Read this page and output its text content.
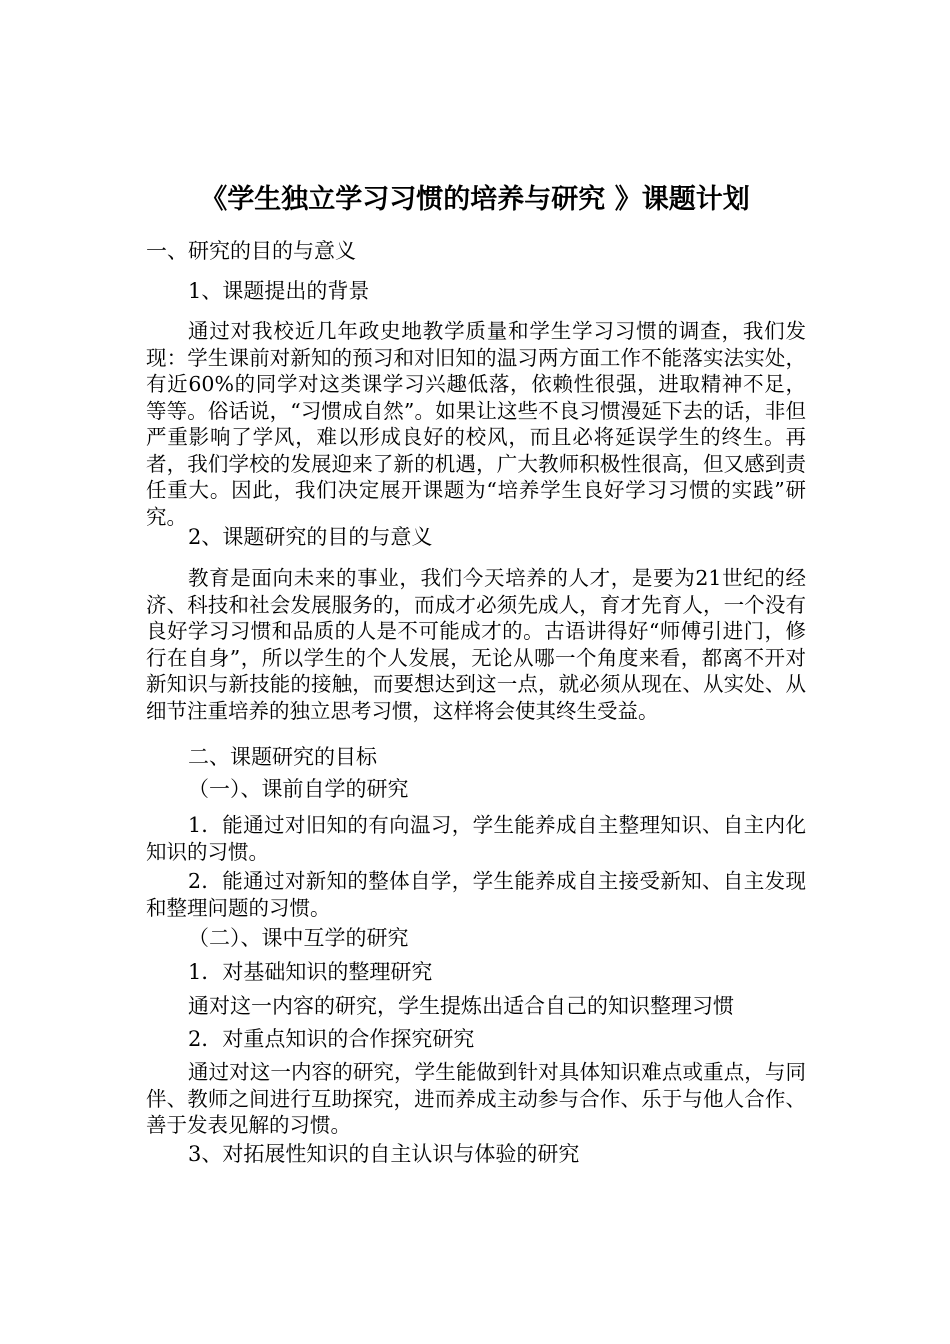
《学生独立学习习惯的培养与研究 》课题计划
一、研究的目的与意义
1、课题提出的背景
通过对我校近几年政史地教学质量和学生学习习惯的调查，我们发现：学生课前对新知的预习和对旧知的温习两方面工作不能落实法实处，有近60%的同学对这类课学习兴趣低落，依赖性很强，进取精神不足，等等。俗话说，“习惯成自然”。如果让这些不良习惯漫延下去的话，非但严重影响了学风，难以形成良好的校风，而且必将延误学生的终生。再者，我们学校的发展迎来了新的机遇，广大教师积极性很高，但又感到责任重大。因此，我们决定展开课题为“培养学生良好学习习惯的实践”研究。
2、课题研究的目的与意义
教育是面向未来的事业，我们今天培养的人才，是要为21世纪的经济、科技和社会发展服务的，而成才必须先成人，育才先育人，一个没有良好学习习惯和品质的人是不可能成才的。古语讲得好“师傅引进门，修行在自身”，所以学生的个人发展，无论从哪一个角度来看，都离不开对新知识与新技能的接触，而要想达到这一点，就必须从现在、从实处、从细节注重培养的独立思考习惯，这样将会使其终生受益。
二、课题研究的目标
（一）、课前自学的研究
1．能通过对旧知的有向温习，学生能养成自主整理知识、自主内化知识的习惯。
2．能通过对新知的整体自学，学生能养成自主接受新知、自主发现和整理问题的习惯。
（二）、课中互学的研究
1．对基础知识的整理研究
通对这一内容的研究，学生提炼出适合自己的知识整理习惯
2．对重点知识的合作探究研究
通过对这一内容的研究，学生能做到针对具体知识难点或重点，与同伴、教师之间进行互助探究，进而养成主动参与合作、乐于与他人合作、善于发表见解的习惯。
3、对拓展性知识的自主认识与体验的研究
